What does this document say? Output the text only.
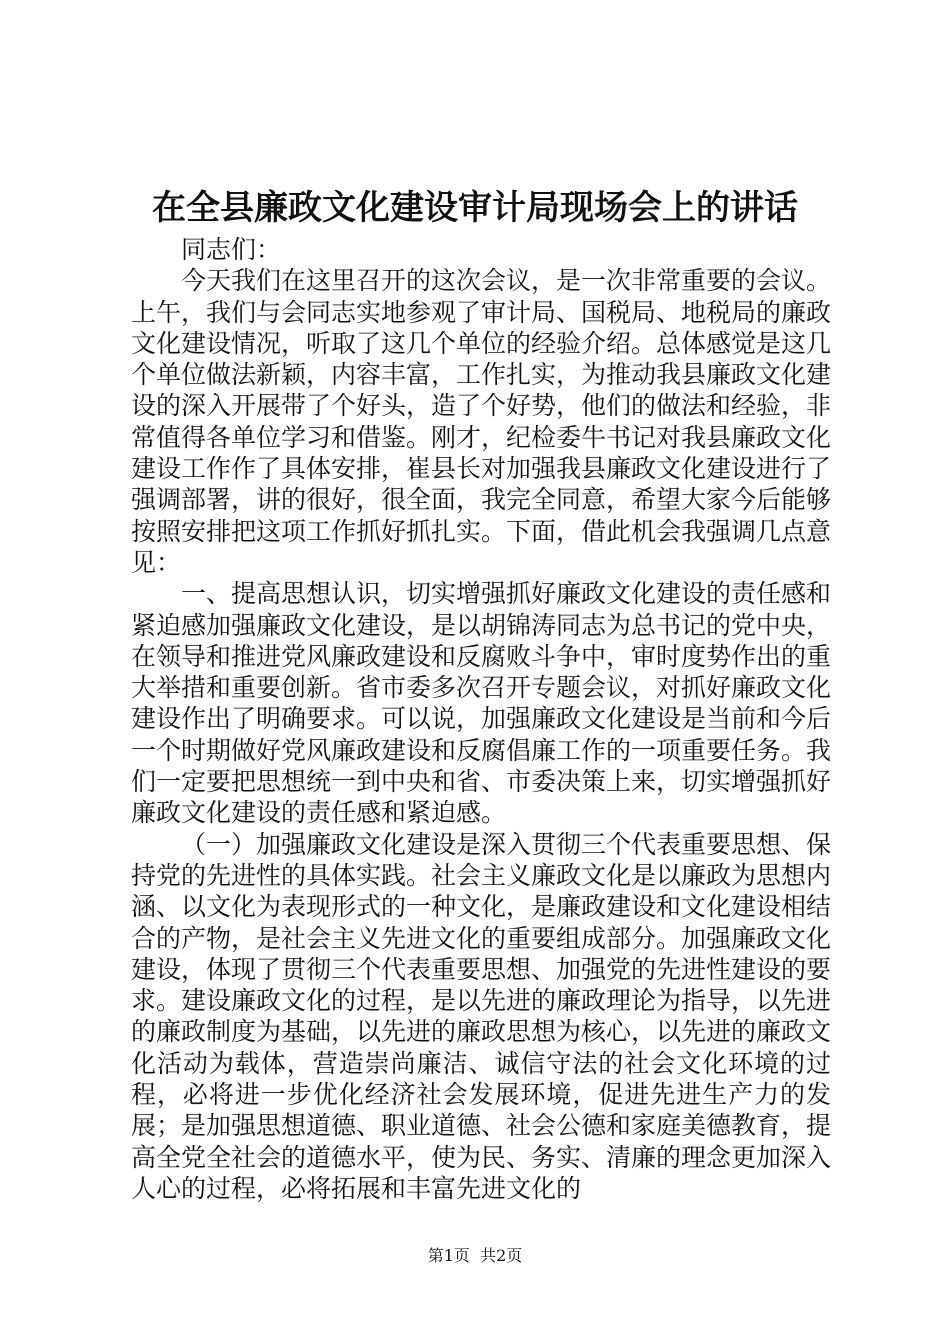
在全县廉政文化建设审计局现场会上的讲话

同志们：

今天我们在这里召开的这次会议，是一次非常重要的会议。上午，我们与会同志实地参观了审计局、国税局、地税局的廉政文化建设情况，听取了这几个单位的经验介绍。总体感觉是这几个单位做法新颖，内容丰富，工作扎实，为推动我县廉政文化建设的深入开展带了个好头，造了个好势，他们的做法和经验，非常值得各单位学习和借鉴。刚才，纪检委牛书记对我县廉政文化建设工作作了具体安排，崔县长对加强我县廉政文化建设进行了强调部署，讲的很好，很全面，我完全同意，希望大家今后能够按照安排把这项工作抓好抓扎实。下面，借此机会我强调几点意见：

一、提高思想认识，切实增强抓好廉政文化建设的责任感和紧迫感加强廉政文化建设，是以胡锦涛同志为总书记的党中央，在领导和推进党风廉政建设和反腐败斗争中，审时度势作出的重大举措和重要创新。省市委多次召开专题会议，对抓好廉政文化建设作出了明确要求。可以说，加强廉政文化建设是当前和今后一个时期做好党风廉政建设和反腐倡廉工作的一项重要任务。我们一定要把思想统一到中央和省、市委决策上来，切实增强抓好廉政文化建设的责任感和紧迫感。

（一）加强廉政文化建设是深入贯彻三个代表重要思想、保持党的先进性的具体实践。社会主义廉政文化是以廉政为思想内涵、以文化为表现形式的一种文化，是廉政建设和文化建设相结合的产物，是社会主义先进文化的重要组成部分。加强廉政文化建设，体现了贯彻三个代表重要思想、加强党的先进性建设的要求。建设廉政文化的过程，是以先进的廉政理论为指导，以先进的廉政制度为基础，以先进的廉政思想为核心，以先进的廉政文化活动为载体，营造崇尚廉洁、诚信守法的社会文化环境的过程，必将进一步优化经济社会发展环境，促进先进生产力的发展；是加强思想道德、职业道德、社会公德和家庭美德教育，提高全党全社会的道德水平，使为民、务实、清廉的理念更加深入人心的过程，必将拓展和丰富先进文化的

第1页  共2页
